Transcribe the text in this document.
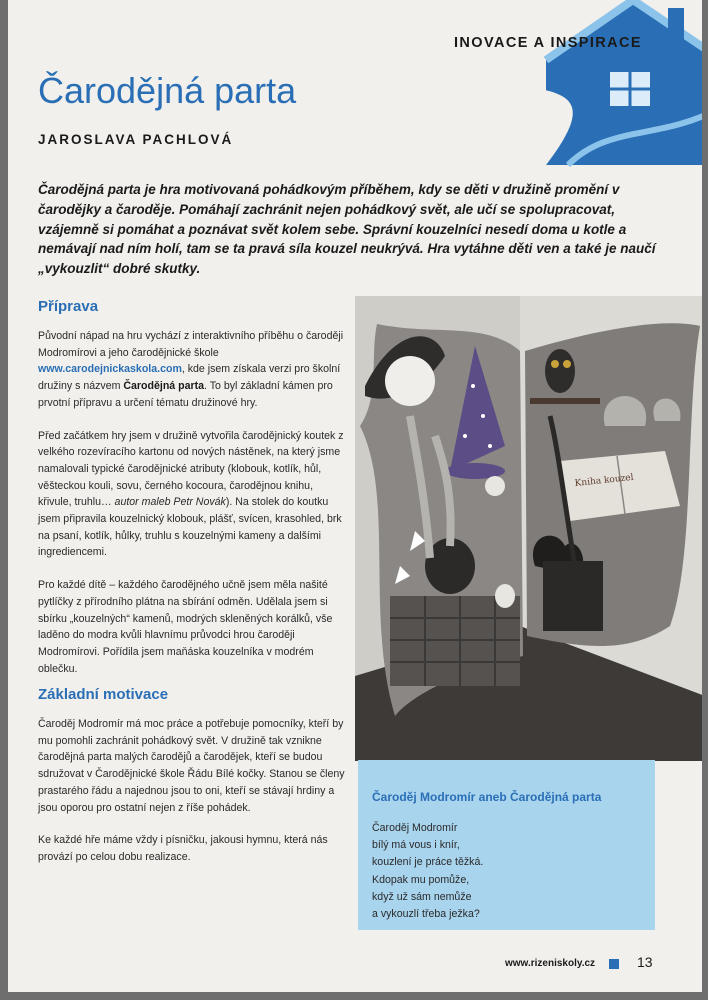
INOVACE A INSPIRACE
Čarodějná parta
JAROSLAVA PACHLOVÁ

Čarodějná parta je hra motivovaná pohádkovým příběhem, kdy se děti v družině promění v čarodějky a čaroděje. Pomáhají zachránit nejen pohádkový svět, ale učí se spolupracovat, vzájemně si pomáhat a poznávat svět kolem sebe. Správní kouzelníci nesedí doma u kotle a nemávají nad ním holí, tam se ta pravá síla kouzel neukrývá. Hra vytáhne děti ven a také je naučí „vykouzlit“ dobré skutky.

Příprava

Původní nápad na hru vychází z interaktivního příběhu o čaroději Modromírovi a jeho čarodějnické škole www.carodejnickaskola.com, kde jsem získala verzi pro školní družiny s názvem Čarodějná parta. To byl základní kámen pro prvotní přípravu a určení tématu družinové hry.

Před začátkem hry jsem v družině vytvořila čarodějnický koutek z velkého rozevíracího kartonu od nových nástěnek, na který jsme namalovali typické čarodějnické atributy (klobouk, kotlík, hůl, věšteckou kouli, sovu, černého kocoura, čarodějnou knihu, křivule, truhlu… autor maleb Petr Novák). Na stolek do koutku jsem připravila kouzelnický klobouk, plášť, svícen, krasohled, brk na psaní, kotlík, hůlky, truhlu s kouzelnými kameny a dalšími ingrediencemi.

Pro každé dítě – každého čarodějného učně jsem měla našité pytlíčky z přírodního plátna na sbírání odměn. Udělala jsem si sbírku „kouzelných“ kamenů, modrých skleněných korálků, vše laděno do modra kvůli hlavnímu průvodci hrou čaroději Modromírovi. Pořídila jsem maňáska kouzelníka v modrém oblečku.

Základní motivace

Čaroděj Modromír má moc práce a potřebuje pomocníky, kteří by mu pomohli zachránit pohádkový svět. V družině tak vznikne čarodějná parta malých čarodějů a čarodějek, kteří se budou sdružovat v Čarodějnické škole Řádu Bílé kočky. Stanou se členy prastarého řádu a najednou jsou to oni, kteří se stávají hrdiny a jsou oporou pro ostatní nejen z říše pohádek.

Ke každé hře máme vždy i písničku, jakousi hymnu, která nás provází po celou dobu realizace.

Kniha kouzel
Čaroděj Modromír aneb Čarodějná parta
Čaroděj Modromír
bílý má vous i knír,
kouzlení je práce těžká.
Kdopak mu pomůže,
když už sám nemůže
a vykouzlí třeba ježka?
www.rizeniskoly.cz	13
